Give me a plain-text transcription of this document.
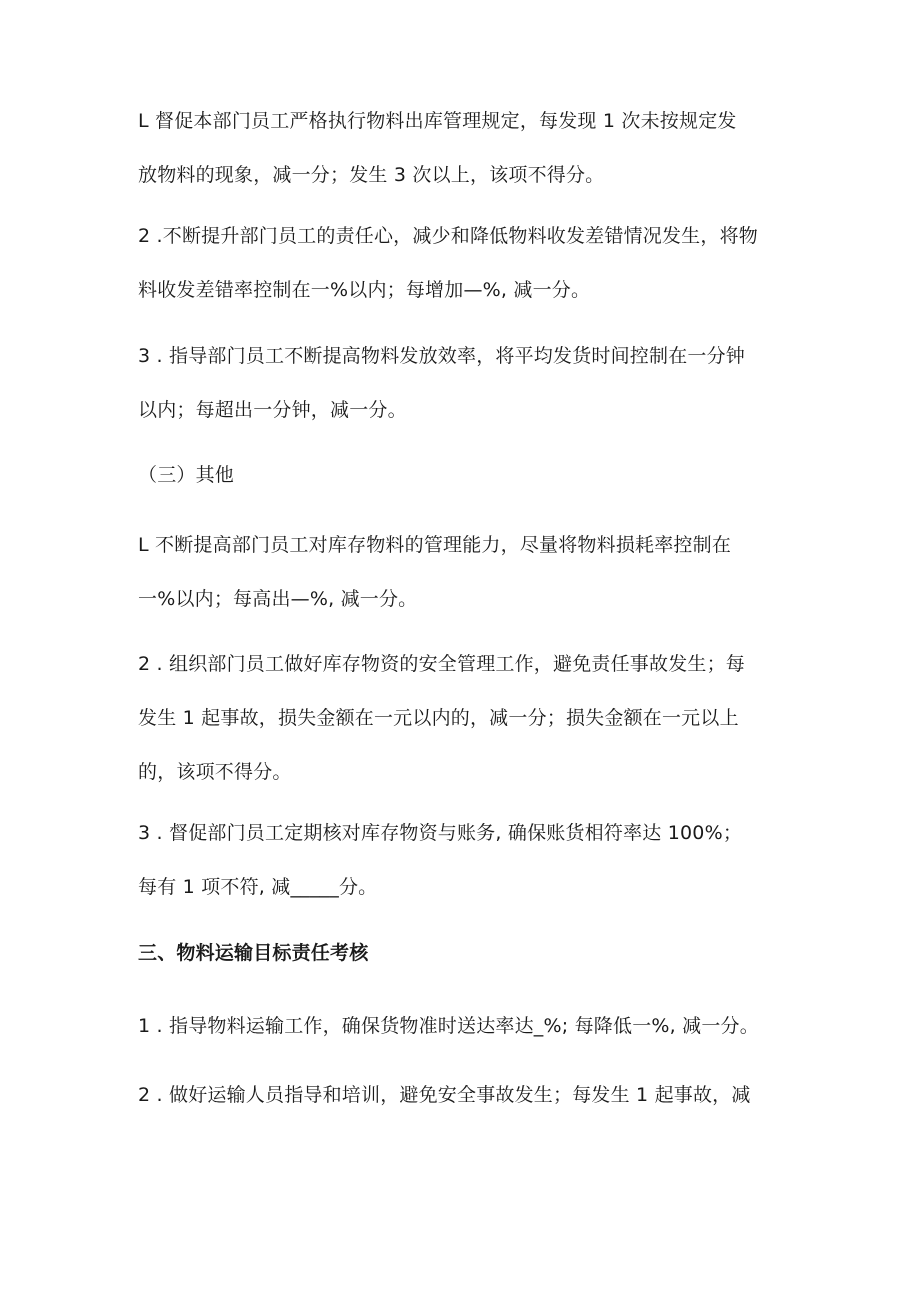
L 督促本部门员工严格执行物料出库管理规定，每发现 1 次未按规定发
放物料的现象，减一分；发生 3 次以上，该项不得分。

2 .不断提升部门员工的责任心，减少和降低物料收发差错情况发生，将物
料收发差错率控制在一%以内；每增加—%, 减一分。

3 . 指导部门员工不断提高物料发放效率，将平均发货时间控制在一分钟
以内；每超出一分钟，减一分。

（三）其他

L 不断提高部门员工对库存物料的管理能力，尽量将物料损耗率控制在
一%以内；每高出—%, 减一分。

2 . 组织部门员工做好库存物资的安全管理工作，避免责任事故发生；每
发生 1 起事故，损失金额在一元以内的，减一分；损失金额在一元以上
的，该项不得分。

3 . 督促部门员工定期核对库存物资与账务, 确保账货相符率达 100%；
每有 1 项不符, 减_____分。

三、物料运输目标责任考核

1 . 指导物料运输工作，确保货物准时送达率达_%; 每降低一%, 减一分。

2 . 做好运输人员指导和培训，避免安全事故发生；每发生 1 起事故，减
